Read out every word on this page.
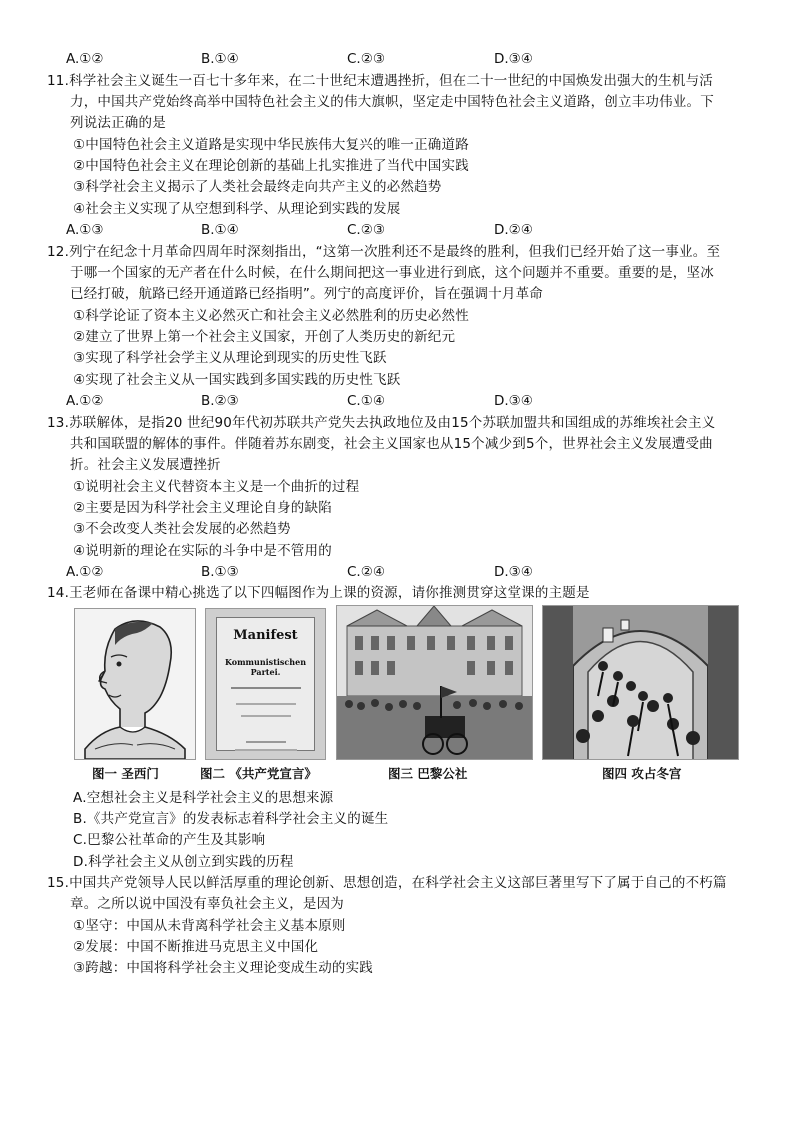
A.①②	B.①④	C.②③	D.③④
11.科学社会主义诞生一百七十多年来，在二十世纪末遭遇挫折，但在二十一世纪的中国焕发出强大的生机与活
力，中国共产党始终高举中国特色社会主义的伟大旗帜，坚定走中国特色社会主义道路，创立丰功伟业。下
列说法正确的是
①中国特色社会主义道路是实现中华民族伟大复兴的唯一正确道路
②中国特色社会主义在理论创新的基础上扎实推进了当代中国实践
③科学社会主义揭示了人类社会最终走向共产主义的必然趋势
④社会主义实现了从空想到科学、从理论到实践的发展
A.①③	B.①④	C.②③	D.②④
12.列宁在纪念十月革命四周年时深刻指出，“这第一次胜利还不是最终的胜利，但我们已经开始了这一事业。至
于哪一个国家的无产者在什么时候，在什么期间把这一事业进行到底，这个问题并不重要。重要的是，坚冰
已经打破，航路已经开通道路已经指明”。列宁的高度评价，旨在强调十月革命
①科学论证了资本主义必然灭亡和社会主义必然胜利的历史必然性
②建立了世界上第一个社会主义国家，开创了人类历史的新纪元
③实现了科学社会学主义从理论到现实的历史性飞跃
④实现了社会主义从一国实践到多国实践的历史性飞跃
A.①②	B.②③	C.①④	D.③④
13.苏联解体，是指20 世纪90年代初苏联共产党失去执政地位及由15个苏联加盟共和国组成的苏维埃社会主义
共和国联盟的解体的事件。伴随着苏东剧变，社会主义国家也从15个减少到5个，世界社会主义发展遭受曲
折。社会主义发展遭挫折
①说明社会主义代替资本主义是一个曲折的过程
②主要是因为科学社会主义理论自身的缺陷
③不会改变人类社会发展的必然趋势
④说明新的理论在实际的斗争中是不管用的
A.①②	B.①③	C.②④	D.③④
14.王老师在备课中精心挑选了以下四幅图作为上课的资源，请你推测贯穿这堂课的主题是
Manifest
Kommunistischen Partei.
图一 圣西门	图二 《共产党宣言》	图三 巴黎公社	图四 攻占冬宫
A.空想社会主义是科学社会主义的思想来源
B.《共产党宣言》的发表标志着科学社会主义的诞生
C.巴黎公社革命的产生及其影响
D.科学社会主义从创立到实践的历程
15.中国共产党领导人民以鲜活厚重的理论创新、思想创造，在科学社会主义这部巨著里写下了属于自己的不朽篇
章。之所以说中国没有辜负社会主义，是因为
①坚守：中国从未背离科学社会主义基本原则
②发展：中国不断推进马克思主义中国化
③跨越：中国将科学社会主义理论变成生动的实践
